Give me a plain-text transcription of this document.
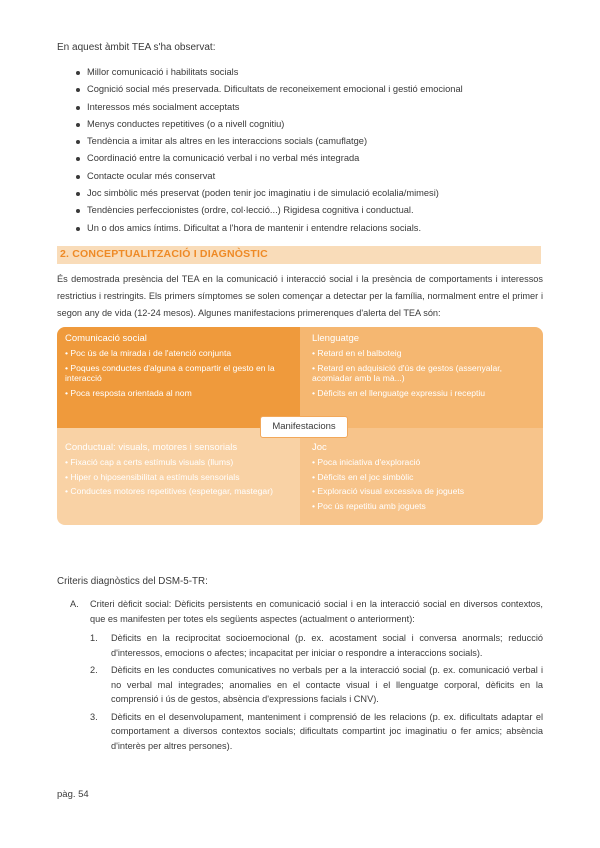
En aquest àmbit TEA s'ha observat:

Millor comunicació i habilitats socials
Cognició social més preservada. Dificultats de reconeixement emocional i gestió emocional
Interessos més socialment acceptats
Menys conductes repetitives (o a nivell cognitiu)
Tendència a imitar als altres en les interaccions socials (camuflatge)
Coordinació entre la comunicació verbal i no verbal més integrada
Contacte ocular més conservat
Joc simbòlic més preservat (poden tenir joc imaginatiu i de simulació ecolalia/mimesi)
Tendències perfeccionistes (ordre, col·lecció...) Rigidesa cognitiva i conductual.
Un o dos amics íntims. Dificultat a l'hora de mantenir i entendre relacions socials.
2. CONCEPTUALITZACIÓ I DIAGNÒSTIC

És demostrada presència del TEA en la comunicació i interacció social i la presència de comportaments i interessos restrictius i restringits. Els primers símptomes se solen començar a detectar per la família, normalment entre el primer i segon any de vida (12-24 mesos). Algunes manifestacions primerenques d'alerta del TEA són:

Comunicació social

• Poc ús de la mirada i de l'atenció conjunta
• Poques conductes d'alguna a compartir el gesto en la interacció
• Poca resposta orientada al nom

Llenguatge

• Retard en el balboteig
• Retard en adquisició d'ús de gestos (assenyalar, acomiadar amb la mà...)
• Dèficits en el llenguatge expressiu i receptiu

Conductual: visuals, motores i sensorials

• Fixació cap a certs estímuls visuals (llums)
• Hiper o hiposensibilitat a estímuls sensorials
• Conductes motores repetitives (espetegar, mastegar)

Joc

• Poca iniciativa d'exploració
• Dèficits en el joc simbòlic
• Exploració visual excessiva de joguets
• Poc ús repetitiu amb joguets
Manifestacions

Criteris diagnòstics del DSM-5-TR:

A. Criteri dèficit social: Dèficits persistents en comunicació social i en la interacció social en diversos contextos, que es manifesten per totes els següents aspectes (actualment o anteriorment):
1. Dèficits en la reciprocitat socioemocional (p. ex. acostament social i conversa anormals; reducció d'interessos, emocions o afectes; incapacitat per iniciar o respondre a interaccions socials).
2. Dèficits en les conductes comunicatives no verbals per a la interacció social (p. ex. comunicació verbal i no verbal mal integrades; anomalies en el contacte visual i el llenguatge corporal, dèficits en la comprensió i ús de gestos, absència d'expressions facials i CNV).
3. Dèficits en el desenvolupament, manteniment i comprensió de les relacions (p. ex. dificultats adaptar el comportament a diversos contextos socials; dificultats compartint joc imaginatiu o fer amics; absència d'interès per altres persones).
pàg. 54
